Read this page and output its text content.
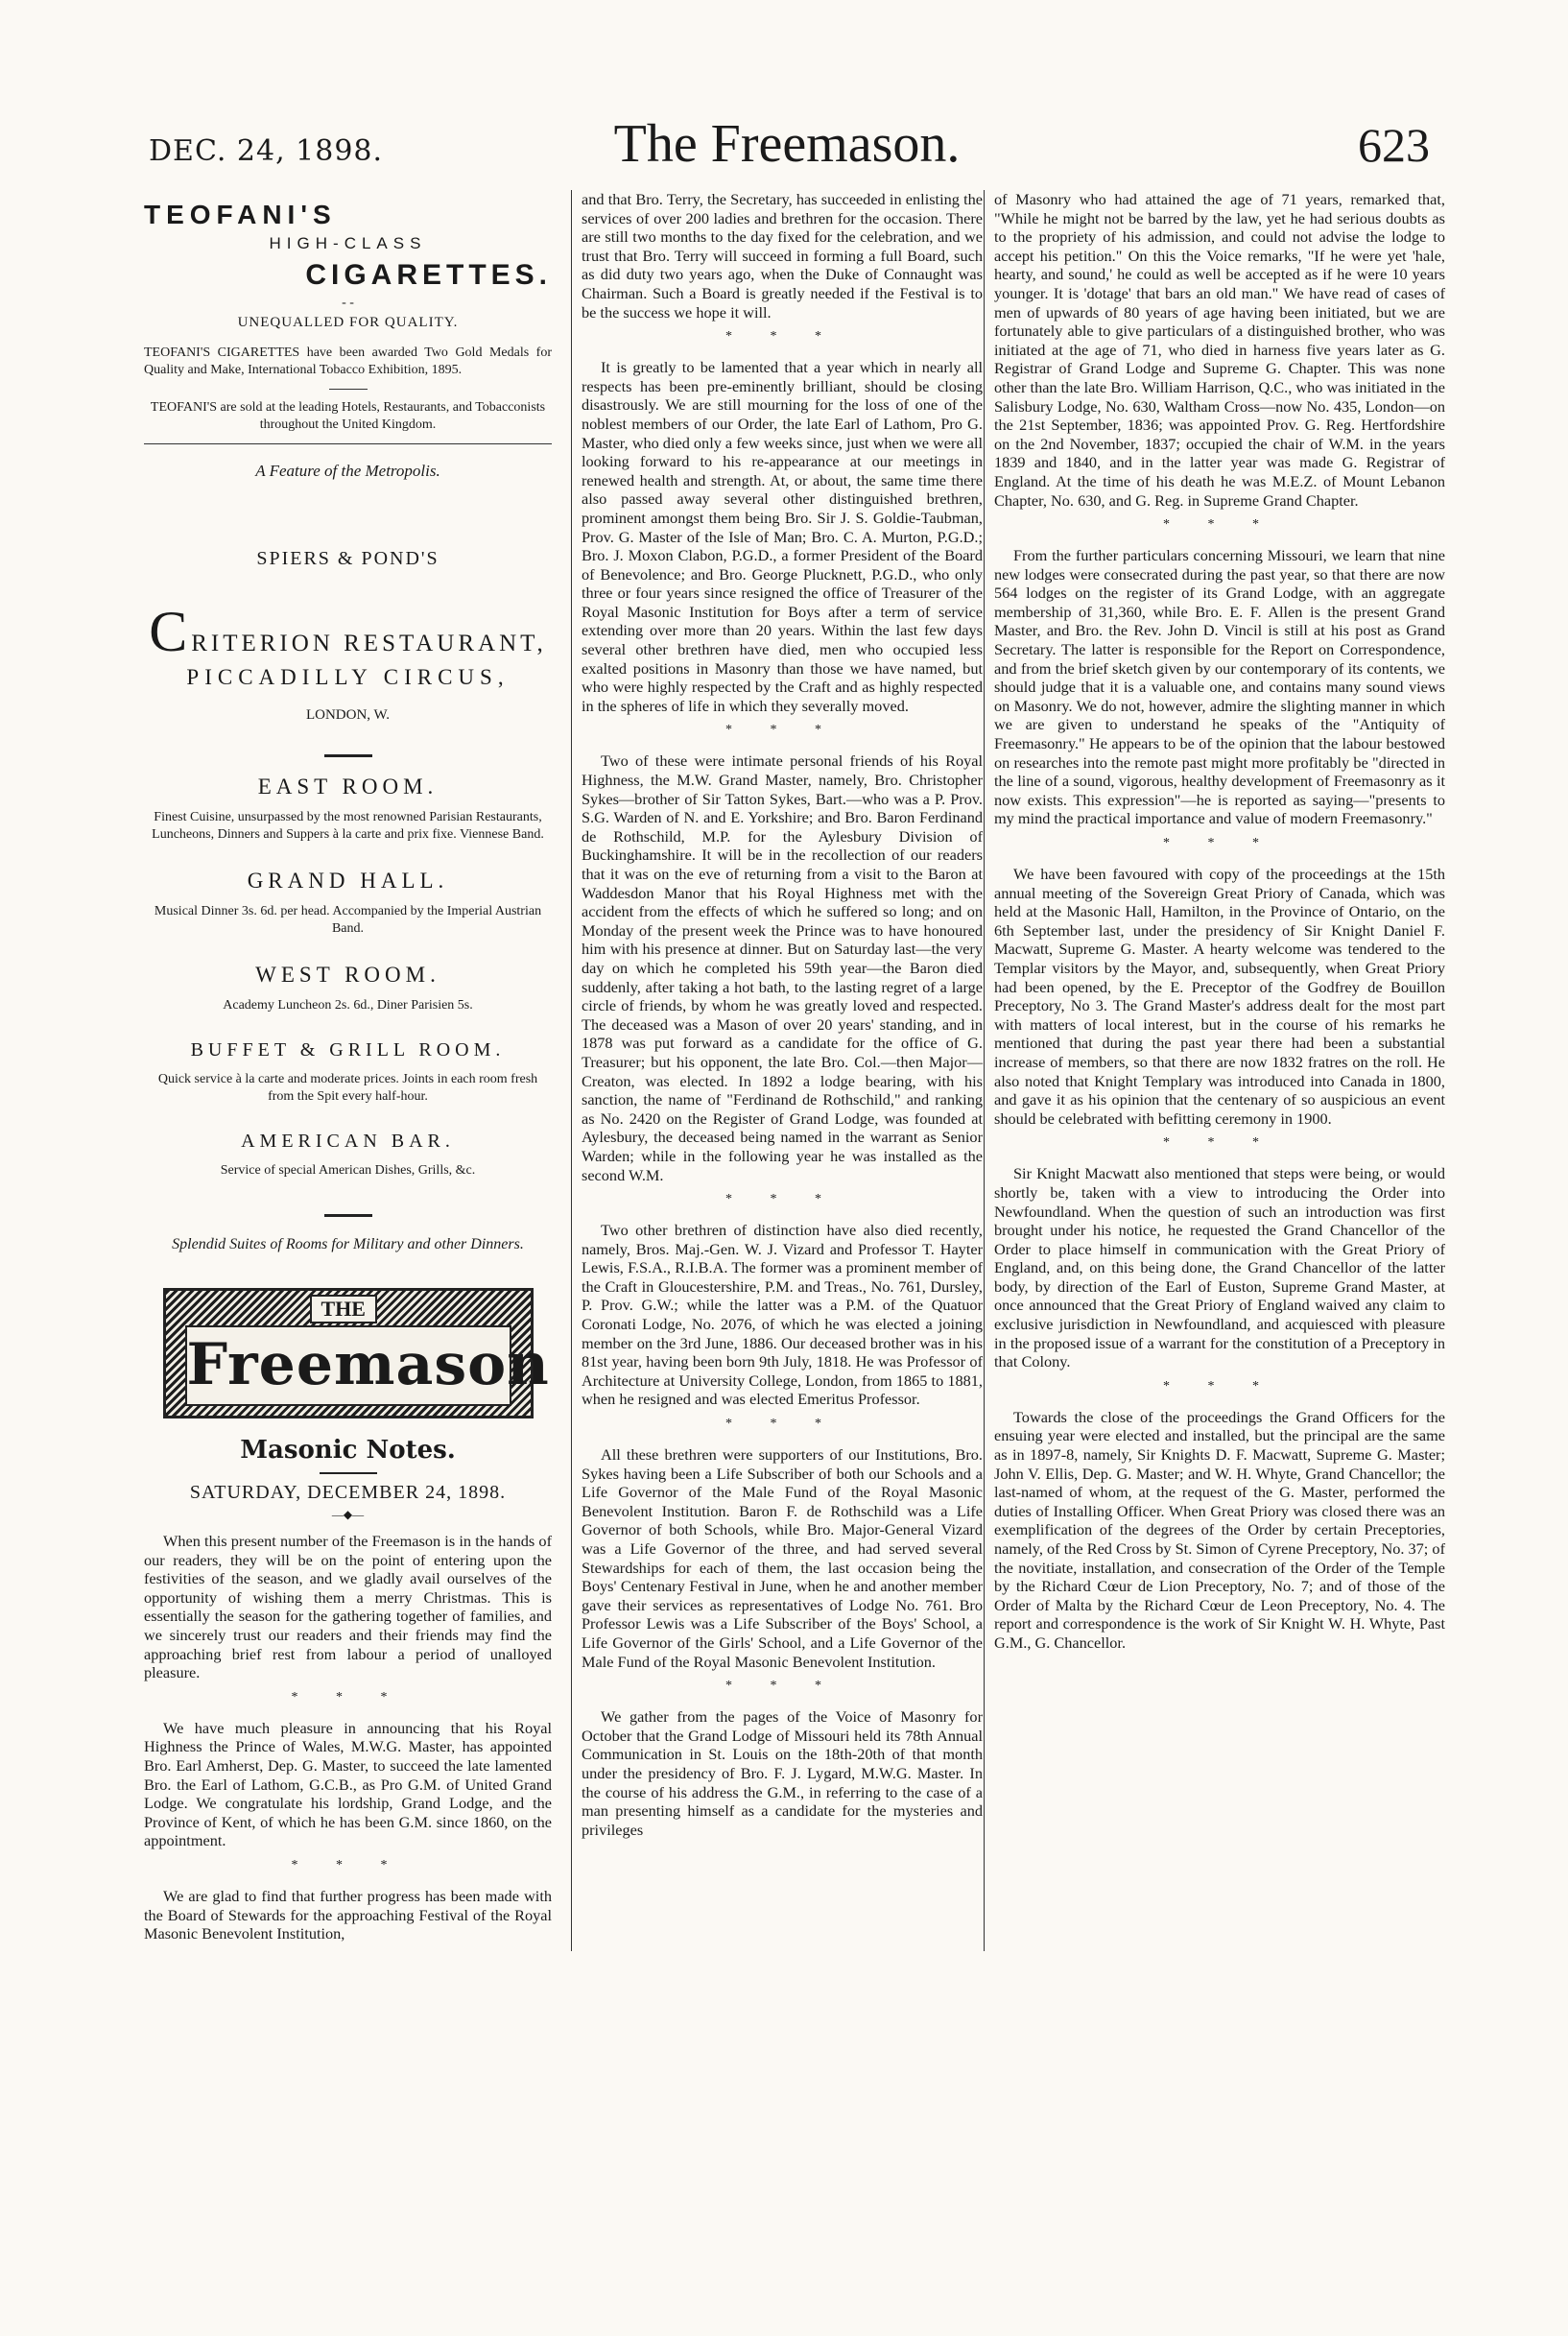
DEC. 24, 1898.	The Freemason.	623
TEOFANI'S
HIGH-CLASS
CIGARETTES.
- -
UNEQUALLED FOR QUALITY.
TEOFANI'S CIGARETTES have been awarded Two Gold Medals for Quality and Make, International Tobacco Exhibition, 1895.
TEOFANI'S are sold at the leading Hotels, Restaurants, and Tobacconists throughout the United Kingdom.
A Feature of the Metropolis.
SPIERS & POND'S
CRITERION RESTAURANT,
PICCADILLY CIRCUS,
LONDON, W.
EAST ROOM.
Finest Cuisine, unsurpassed by the most renowned Parisian Restaurants, Luncheons, Dinners and Suppers à la carte and prix fixe. Viennese Band.
GRAND HALL.
Musical Dinner 3s. 6d. per head. Accompanied by the Imperial Austrian Band.
WEST ROOM.
Academy Luncheon 2s. 6d., Diner Parisien 5s.
BUFFET & GRILL ROOM.
Quick service à la carte and moderate prices. Joints in each room fresh from the Spit every half-hour.
AMERICAN BAR.
Service of special American Dishes, Grills, &c.
Splendid Suites of Rooms for Military and other Dinners.
THE
Freemason
Masonic Notes.
SATURDAY, DECEMBER 24, 1898.
—◆—

When this present number of the Freemason is in the hands of our readers, they will be on the point of entering upon the festivities of the season, and we gladly avail ourselves of the opportunity of wishing them a merry Christmas. This is essentially the season for the gathering together of families, and we sincerely trust our readers and their friends may find the approaching brief rest from labour a period of unalloyed pleasure.

* * *

We have much pleasure in announcing that his Royal Highness the Prince of Wales, M.W.G. Master, has appointed Bro. Earl Amherst, Dep. G. Master, to succeed the late lamented Bro. the Earl of Lathom, G.C.B., as Pro G.M. of United Grand Lodge. We congratulate his lordship, Grand Lodge, and the Province of Kent, of which he has been G.M. since 1860, on the appointment.

* * *

We are glad to find that further progress has been made with the Board of Stewards for the approaching Festival of the Royal Masonic Benevolent Institution,

and that Bro. Terry, the Secretary, has succeeded in enlisting the services of over 200 ladies and brethren for the occasion. There are still two months to the day fixed for the celebration, and we trust that Bro. Terry will succeed in forming a full Board, such as did duty two years ago, when the Duke of Connaught was Chairman. Such a Board is greatly needed if the Festival is to be the success we hope it will.

* * *

It is greatly to be lamented that a year which in nearly all respects has been pre-eminently brilliant, should be closing disastrously. We are still mourning for the loss of one of the noblest members of our Order, the late Earl of Lathom, Pro G. Master, who died only a few weeks since, just when we were all looking forward to his re-appearance at our meetings in renewed health and strength. At, or about, the same time there also passed away several other distinguished brethren, prominent amongst them being Bro. Sir J. S. Goldie-Taubman, Prov. G. Master of the Isle of Man; Bro. C. A. Murton, P.G.D.; Bro. J. Moxon Clabon, P.G.D., a former President of the Board of Benevolence; and Bro. George Plucknett, P.G.D., who only three or four years since resigned the office of Treasurer of the Royal Masonic Institution for Boys after a term of service extending over more than 20 years. Within the last few days several other brethren have died, men who occupied less exalted positions in Masonry than those we have named, but who were highly respected by the Craft and as highly respected in the spheres of life in which they severally moved.

* * *

Two of these were intimate personal friends of his Royal Highness, the M.W. Grand Master, namely, Bro. Christopher Sykes—brother of Sir Tatton Sykes, Bart.—who was a P. Prov. S.G. Warden of N. and E. Yorkshire; and Bro. Baron Ferdinand de Rothschild, M.P. for the Aylesbury Division of Buckinghamshire. It will be in the recollection of our readers that it was on the eve of returning from a visit to the Baron at Waddesdon Manor that his Royal Highness met with the accident from the effects of which he suffered so long; and on Monday of the present week the Prince was to have honoured him with his presence at dinner. But on Saturday last—the very day on which he completed his 59th year—the Baron died suddenly, after taking a hot bath, to the lasting regret of a large circle of friends, by whom he was greatly loved and respected. The deceased was a Mason of over 20 years' standing, and in 1878 was put forward as a candidate for the office of G. Treasurer; but his opponent, the late Bro. Col.—then Major—Creaton, was elected. In 1892 a lodge bearing, with his sanction, the name of "Ferdinand de Rothschild," and ranking as No. 2420 on the Register of Grand Lodge, was founded at Aylesbury, the deceased being named in the warrant as Senior Warden; while in the following year he was installed as the second W.M.

* * *

Two other brethren of distinction have also died recently, namely, Bros. Maj.-Gen. W. J. Vizard and Professor T. Hayter Lewis, F.S.A., R.I.B.A. The former was a prominent member of the Craft in Gloucestershire, P.M. and Treas., No. 761, Dursley, P. Prov. G.W.; while the latter was a P.M. of the Quatuor Coronati Lodge, No. 2076, of which he was elected a joining member on the 3rd June, 1886. Our deceased brother was in his 81st year, having been born 9th July, 1818. He was Professor of Architecture at University College, London, from 1865 to 1881, when he resigned and was elected Emeritus Professor.

* * *

All these brethren were supporters of our Institutions, Bro. Sykes having been a Life Subscriber of both our Schools and a Life Governor of the Male Fund of the Royal Masonic Benevolent Institution. Baron F. de Rothschild was a Life Governor of both Schools, while Bro. Major-General Vizard was a Life Governor of the three, and had served several Stewardships for each of them, the last occasion being the Boys' Centenary Festival in June, when he and another member gave their services as representatives of Lodge No. 761. Bro Professor Lewis was a Life Subscriber of the Boys' School, a Life Governor of the Girls' School, and a Life Governor of the Male Fund of the Royal Masonic Benevolent Institution.

* * *

We gather from the pages of the Voice of Masonry for October that the Grand Lodge of Missouri held its 78th Annual Communication in St. Louis on the 18th-20th of that month under the presidency of Bro. F. J. Lygard, M.W.G. Master. In the course of his address the G.M., in referring to the case of a man presenting himself as a candidate for the mysteries and privileges

of Masonry who had attained the age of 71 years, remarked that, "While he might not be barred by the law, yet he had serious doubts as to the propriety of his admission, and could not advise the lodge to accept his petition." On this the Voice remarks, "If he were yet 'hale, hearty, and sound,' he could as well be accepted as if he were 10 years younger. It is 'dotage' that bars an old man." We have read of cases of men of upwards of 80 years of age having been initiated, but we are fortunately able to give particulars of a distinguished brother, who was initiated at the age of 71, who died in harness five years later as G. Registrar of Grand Lodge and Supreme G. Chapter. This was none other than the late Bro. William Harrison, Q.C., who was initiated in the Salisbury Lodge, No. 630, Waltham Cross—now No. 435, London—on the 21st September, 1836; was appointed Prov. G. Reg. Hertfordshire on the 2nd November, 1837; occupied the chair of W.M. in the years 1839 and 1840, and in the latter year was made G. Registrar of England. At the time of his death he was M.E.Z. of Mount Lebanon Chapter, No. 630, and G. Reg. in Supreme Grand Chapter.

* * *

From the further particulars concerning Missouri, we learn that nine new lodges were consecrated during the past year, so that there are now 564 lodges on the register of its Grand Lodge, with an aggregate membership of 31,360, while Bro. E. F. Allen is the present Grand Master, and Bro. the Rev. John D. Vincil is still at his post as Grand Secretary. The latter is responsible for the Report on Correspondence, and from the brief sketch given by our contemporary of its contents, we should judge that it is a valuable one, and contains many sound views on Masonry. We do not, however, admire the slighting manner in which we are given to understand he speaks of the "Antiquity of Freemasonry." He appears to be of the opinion that the labour bestowed on researches into the remote past might more profitably be "directed in the line of a sound, vigorous, healthy development of Freemasonry as it now exists. This expression"—he is reported as saying—"presents to my mind the practical importance and value of modern Freemasonry."

* * *

We have been favoured with copy of the proceedings at the 15th annual meeting of the Sovereign Great Priory of Canada, which was held at the Masonic Hall, Hamilton, in the Province of Ontario, on the 6th September last, under the presidency of Sir Knight Daniel F. Macwatt, Supreme G. Master. A hearty welcome was tendered to the Templar visitors by the Mayor, and, subsequently, when Great Priory had been opened, by the E. Preceptor of the Godfrey de Bouillon Preceptory, No 3. The Grand Master's address dealt for the most part with matters of local interest, but in the course of his remarks he mentioned that during the past year there had been a substantial increase of members, so that there are now 1832 fratres on the roll. He also noted that Knight Templary was introduced into Canada in 1800, and gave it as his opinion that the centenary of so auspicious an event should be celebrated with befitting ceremony in 1900.

* * *

Sir Knight Macwatt also mentioned that steps were being, or would shortly be, taken with a view to introducing the Order into Newfoundland. When the question of such an introduction was first brought under his notice, he requested the Grand Chancellor of the Order to place himself in communication with the Great Priory of England, and, on this being done, the Grand Chancellor of the latter body, by direction of the Earl of Euston, Supreme Grand Master, at once announced that the Great Priory of England waived any claim to exclusive jurisdiction in Newfoundland, and acquiesced with pleasure in the proposed issue of a warrant for the constitution of a Preceptory in that Colony.

* * *

Towards the close of the proceedings the Grand Officers for the ensuing year were elected and installed, but the principal are the same as in 1897-8, namely, Sir Knights D. F. Macwatt, Supreme G. Master; John V. Ellis, Dep. G. Master; and W. H. Whyte, Grand Chancellor; the last-named of whom, at the request of the G. Master, performed the duties of Installing Officer. When Great Priory was closed there was an exemplification of the degrees of the Order by certain Preceptories, namely, of the Red Cross by St. Simon of Cyrene Preceptory, No. 37; of the novitiate, installation, and consecration of the Order of the Temple by the Richard Cœur de Lion Preceptory, No. 7; and of those of the Order of Malta by the Richard Cœur de Leon Preceptory, No. 4. The report and correspondence is the work of Sir Knight W. H. Whyte, Past G.M., G. Chancellor.
